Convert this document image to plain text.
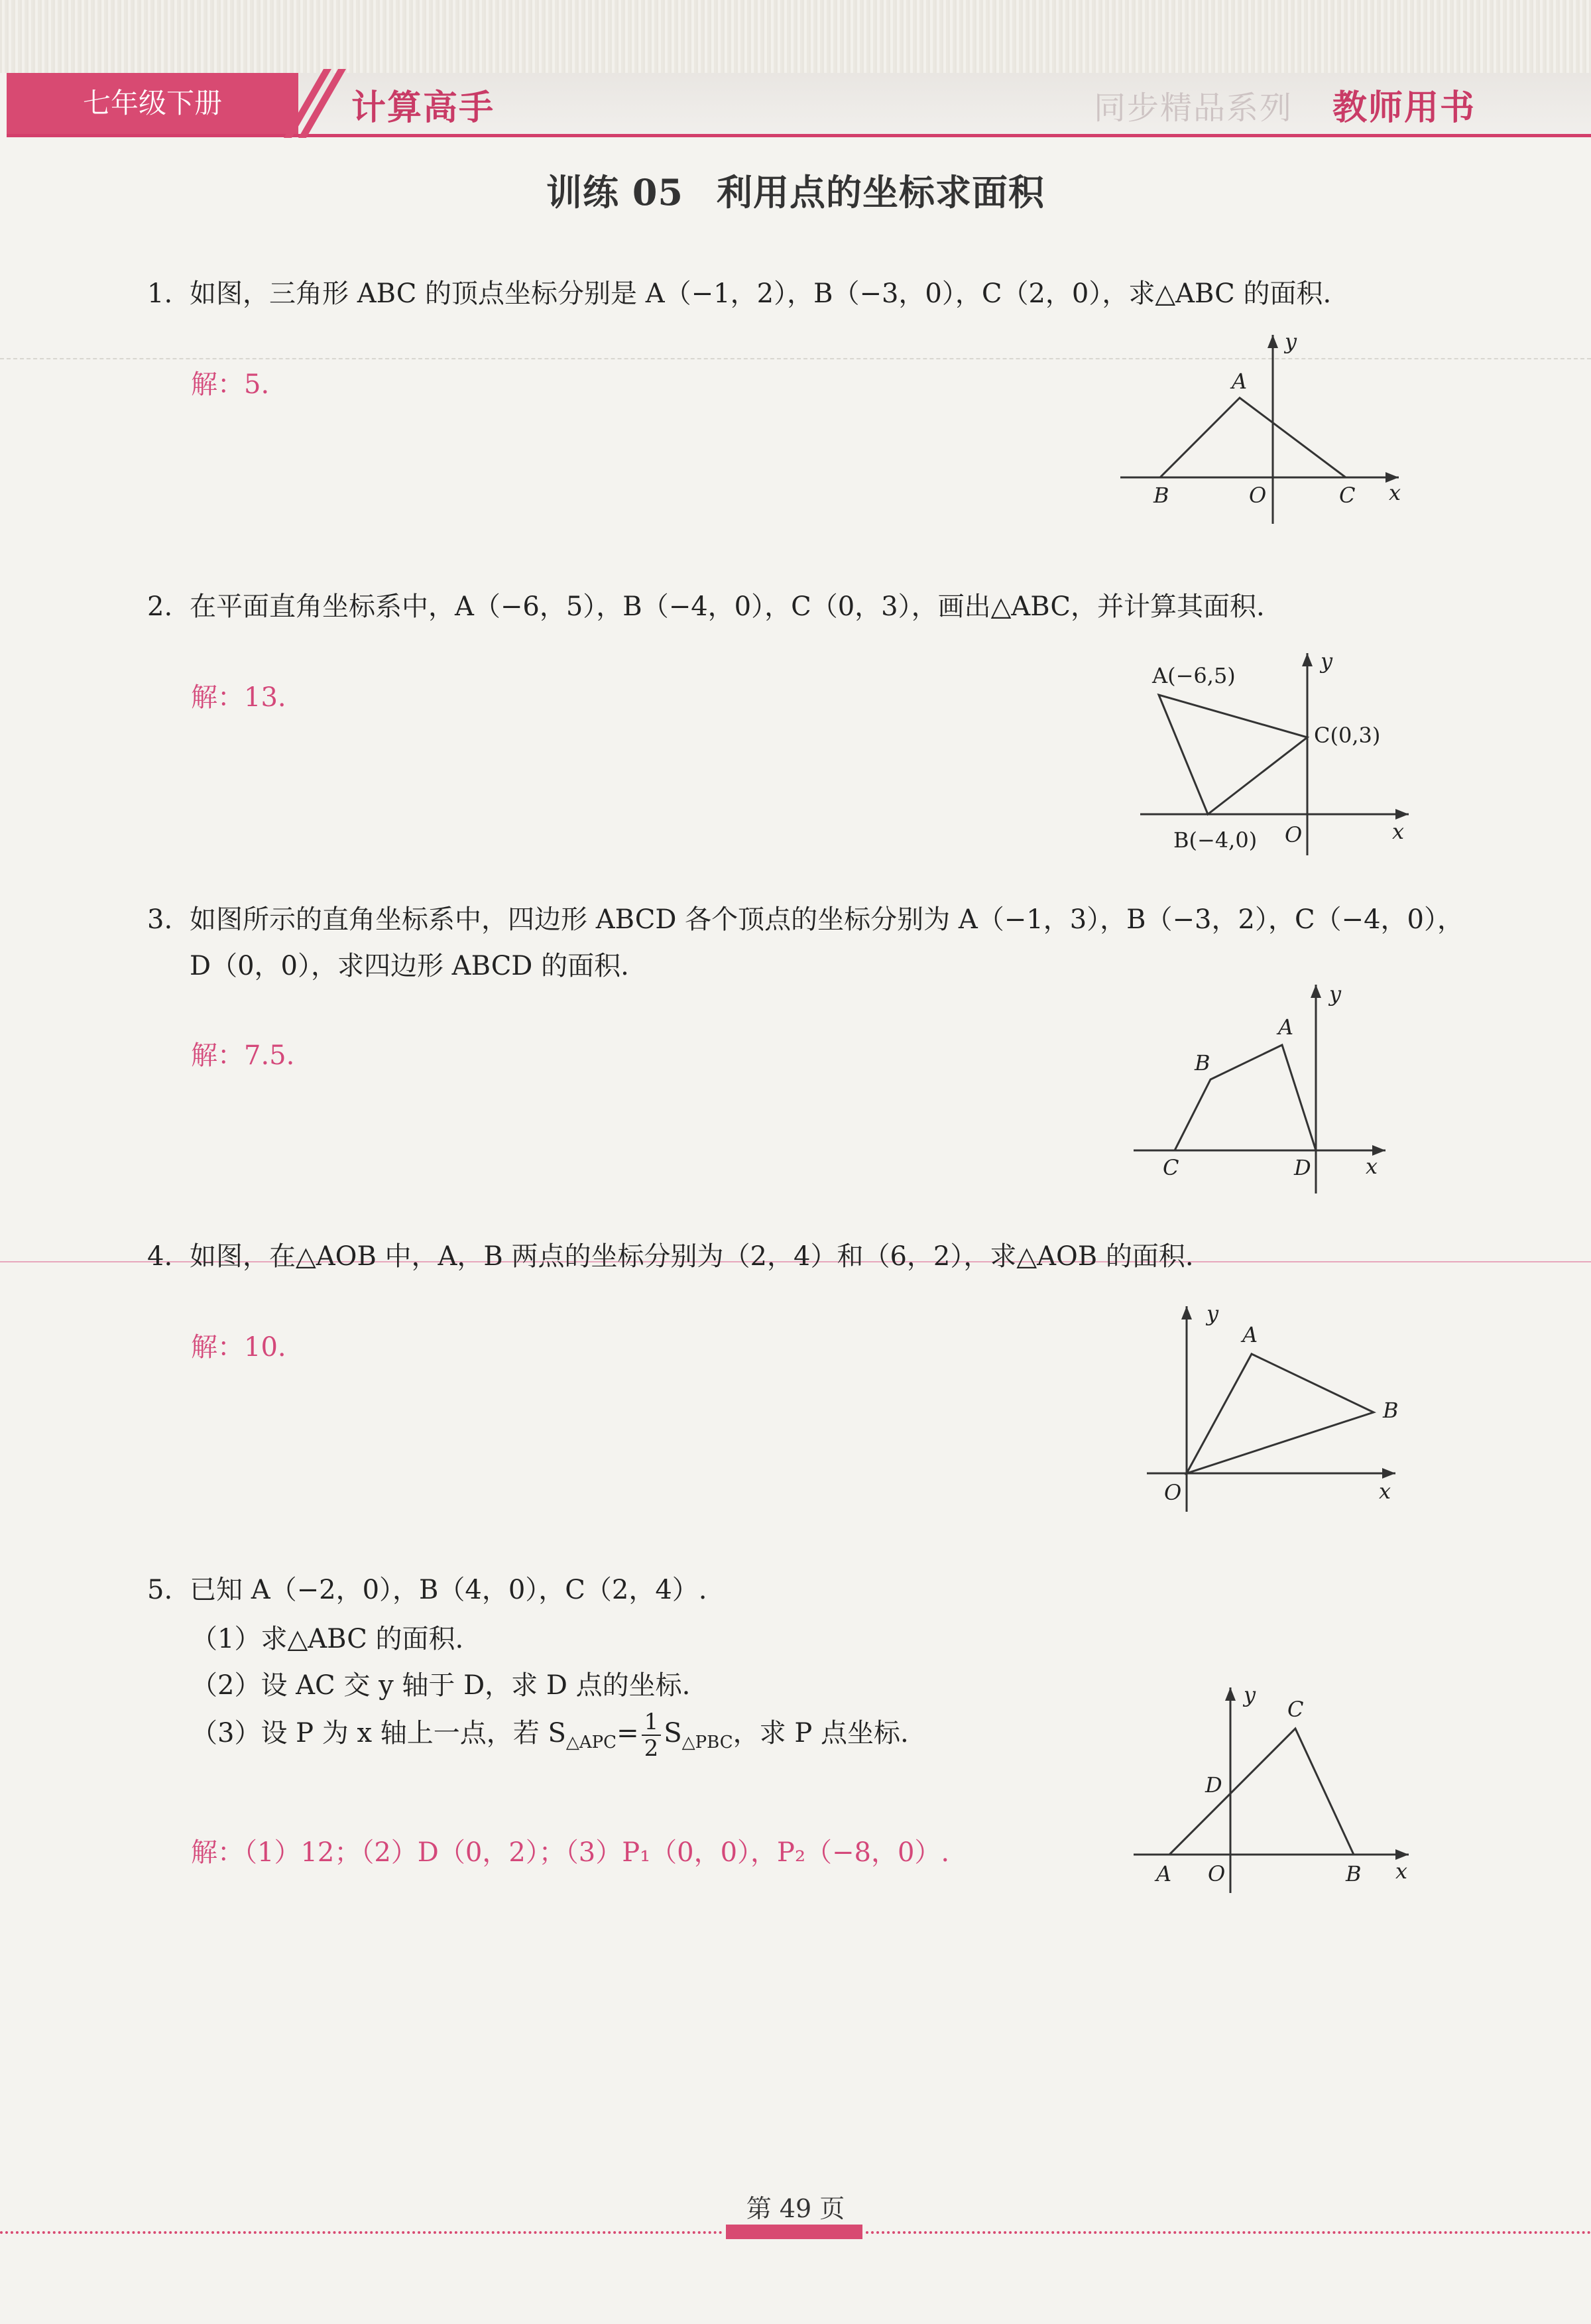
七年级下册	计算高手	同步精品系列 教师用书
训练 05 利用点的坐标求面积
1. 如图，三角形 ABC 的顶点坐标分别是 A（−1，2），B（−3，0），C（2，0），求△ABC 的面积.
解：5.	A
B	C
O	x
y
2. 在平面直角坐标系中，A（−6，5），B（−4，0），C（0，3），画出△ABC，并计算其面积.
解：13.
A(−6,5)
C(0,3)
B(−4,0) O	x
y
3. 如图所示的直角坐标系中，四边形 ABCD 各个顶点的坐标分别为 A（−1，3），B（−3，2），C（−4，0），
D（0，0），求四边形 ABCD 的面积.
解：7.5.
A
B
C	D	x
y
4. 如图，在△AOB 中，A，B 两点的坐标分别为（2，4）和（6，2），求△AOB 的面积.
解：10.	A
B
O	x
y
5. 已知 A（−2，0），B（4，0），C（2，4）.
（1）求△ABC 的面积.
（2）设 AC 交 y 轴于 D，求 D 点的坐标.
（3）设 P 为 x 轴上一点，若 $S_{\triangle APC}= \frac{1}{2} S_{\triangle PBC}$，求 P 点坐标.
解：（1）12；（2）D（0，2）；（3）P₁（0，0），P₂（−8，0）.
C
D
A	B
O	x
y
第 49 页
